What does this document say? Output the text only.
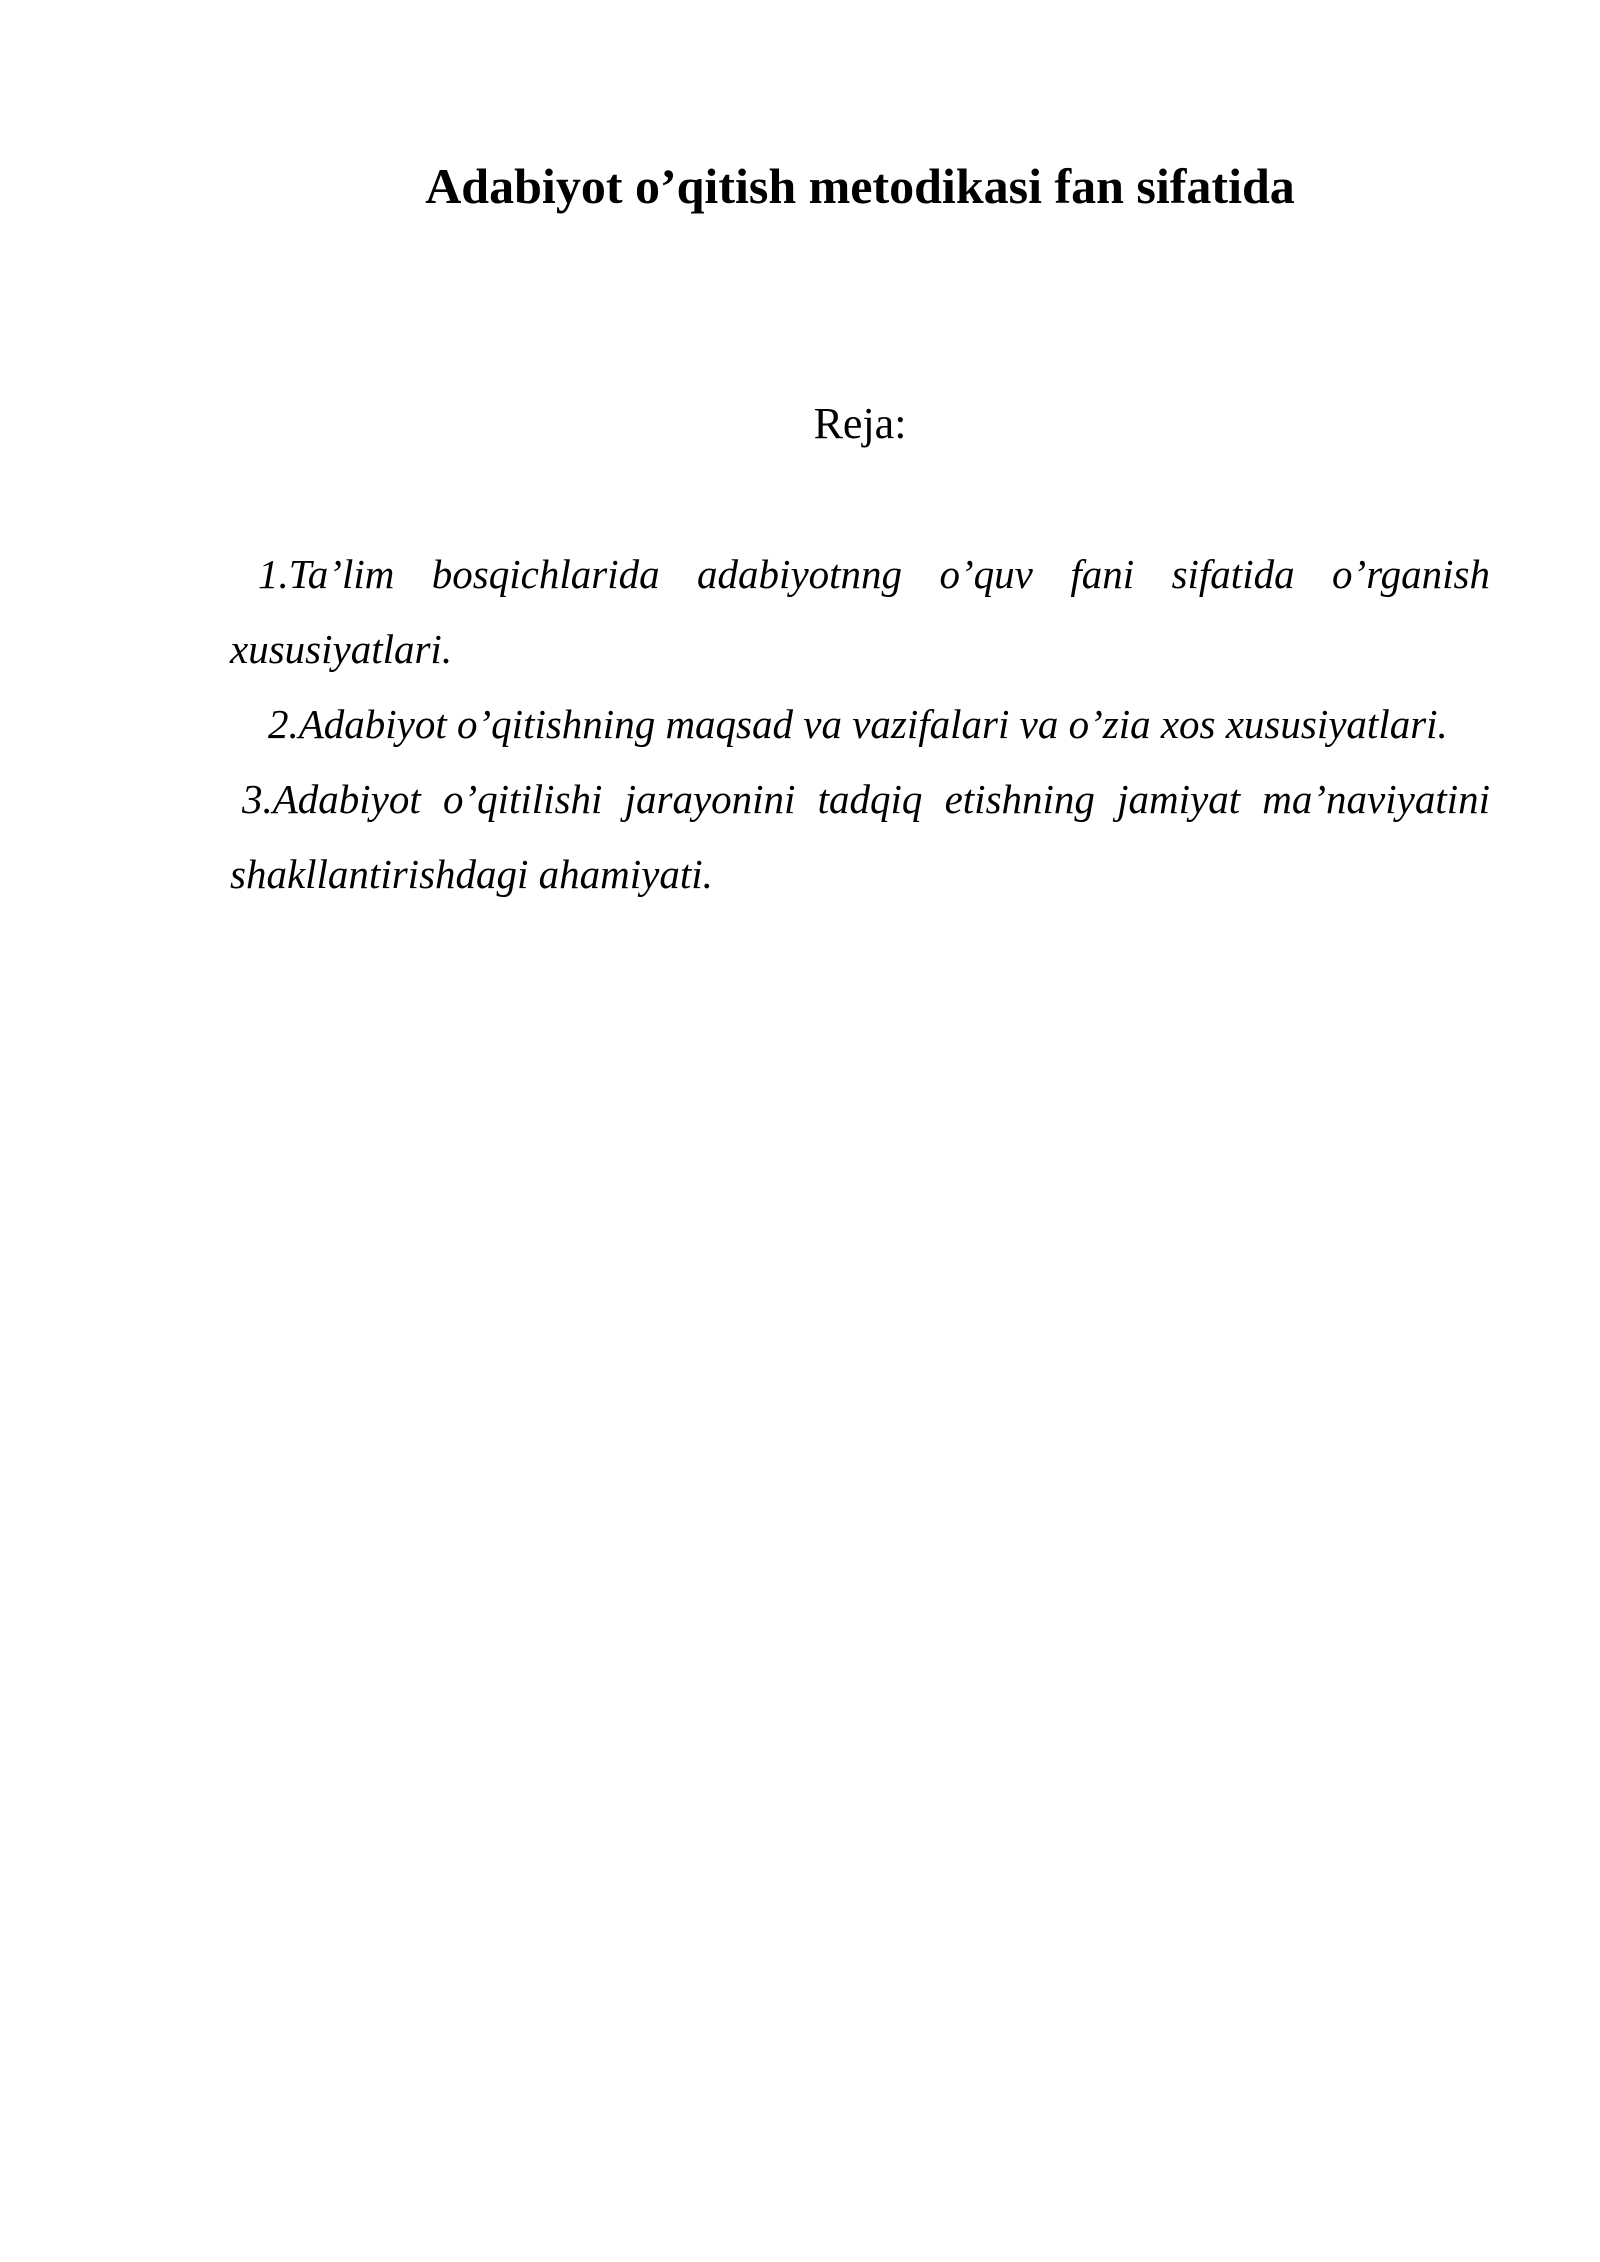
Adabiyot o’qitish metodikasi fan sifatida

Reja:

1.Ta’lim bosqichlarida adabiyotnng o’quv fani sifatida o’rganish xususiyatlari.
2.Adabiyot o’qitishning maqsad va vazifalari va o’zia xos xususiyatlari.
3.Adabiyot o’qitilishi jarayonini tadqiq etishning jamiyat ma’naviyatini shakllantirishdagi ahamiyati.
